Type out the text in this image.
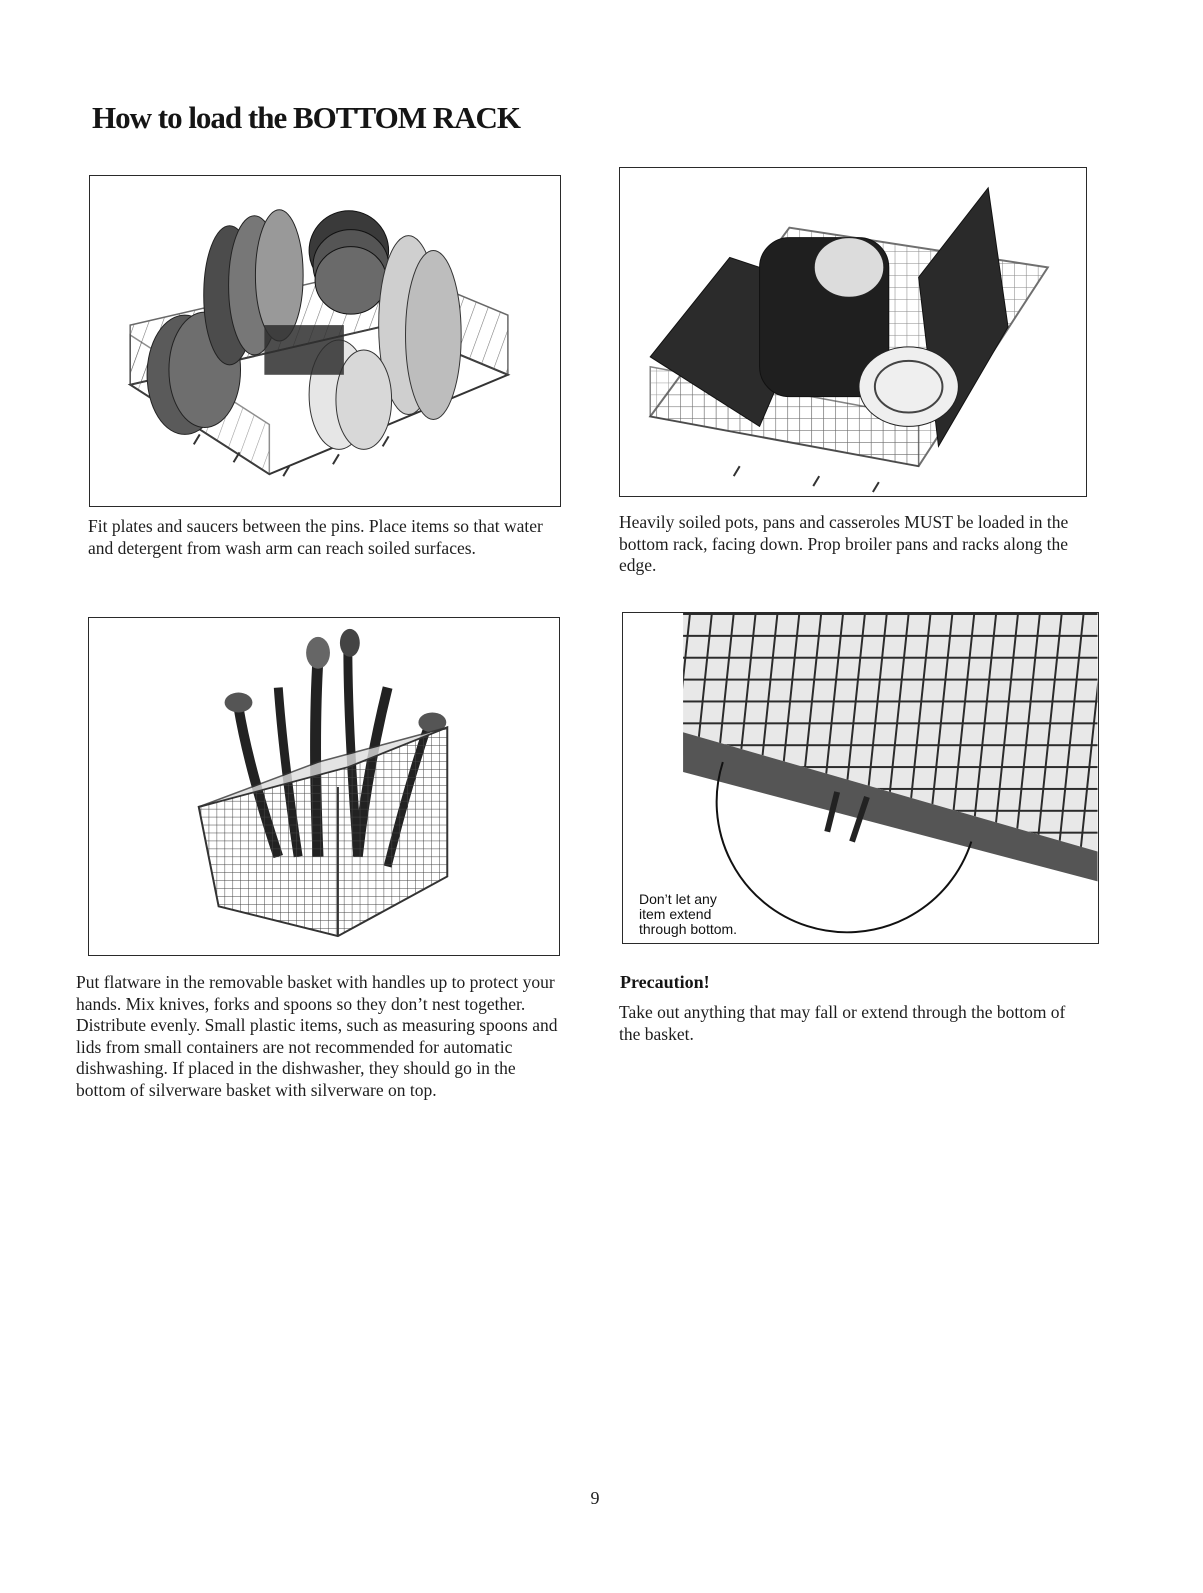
How to load the BOTTOM RACK

Fit plates and saucers between the pins. Place items so that water and detergent from wash arm can reach soiled surfaces.

Heavily soiled pots, pans and casseroles MUST be loaded in the bottom rack, facing down. Prop broiler pans and racks along the edge.

Put flatware in the removable basket with handles up to protect your hands. Mix knives, forks and spoons so they don’t nest together. Distribute evenly. Small plastic items, such as measuring spoons and lids from small containers are not recommended for automatic dishwashing. If placed in the dishwasher, they should go in the bottom of silverware basket with silverware on top.

Don’t let any
item extend
through bottom.
Precaution!

Take out anything that may fall or extend through the bottom of the basket.

9
